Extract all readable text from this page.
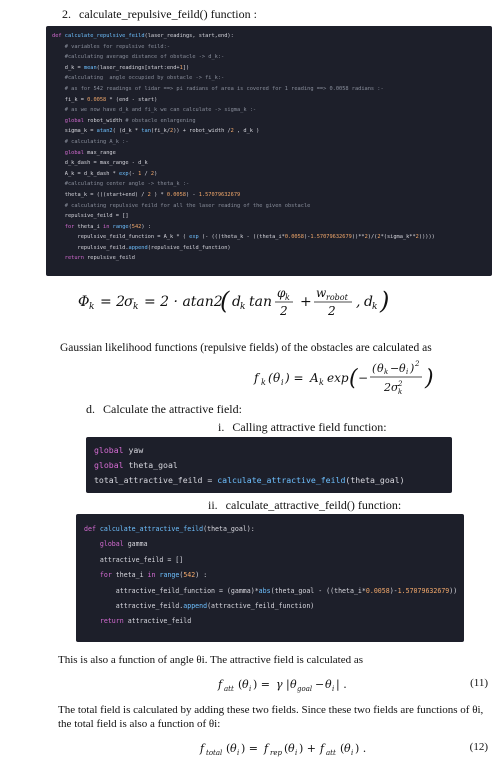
2. calculate_repulsive_feild() function :
def calculate_repulsive_feild(laser_readings, start,end):
# variables for repulsive feild:-
#calculating average distance of obstacle -> d_k:-
d_k = mean(laser_readings[start:end+1])
#calculating  angle occupied by obstacle -> fi_k:-
# as for 542 readings of lidar ==> pi radians of area is covered for 1 reading ==> 0.0058 radians :-
fi_k = 0.0058 * (end - start)
# as we now have d_k and fi_k we can calculate -> sigma_k :-
global robot_width # obstacle enlargening
sigma_k = atan2( (d_k * tan(fi_k/2)) + robot_width /2 , d_k )
# calculating A_k :-
global max_range
d_k_dash = max_range - d_k
A_k = d_k_dash * exp(- 1 / 2)
#calculating center angle -> theta_k :-
theta_k = (((start+end) / 2 ) * 0.0058) - 1.57079632679
# calculating repulsive feild for all the laser reading of the given obstacle
repulsive_feild = []
for theta_i in range(542) :
repulsive_feild_function = A_k * ( exp (- (((theta_k - ((theta_i*0.0058)-1.57079632679))**2)/(2*(sigma_k**2)))))
repulsive_feild.append(repulsive_feild_function)
return repulsive_feild
Φ k = 2
σ k = 2 · atan2
( d k tan
φ k
2
+
w robot
2
, d k )
Gaussian likelihood functions (repulsive fields) of the obstacles are calculated as
f k ( θ i ) = A k exp ( −
( θ k − θ i ) 2
2 σ k
2 )
d. Calculate the attractive field:
i. Calling attractive field function:
global yaw
global theta_goal
total_attractive_feild = calculate_attractive_feild(theta_goal)
ii. calculate_attractive_feild() function:
def calculate_attractive_feild(theta_goal):
global gamma
attractive_feild = []
for theta_i in range(542) :
attractive_feild_function = (gamma)*abs(theta_goal - ((theta_i*0.0058)-1.57079632679))
attractive_feild.append(attractive_feild_function)
return attractive_feild
This is also a function of angle θi. The attractive field is calculated as
f att ( θ i ) = γ | θ goal − θ i | .	(11)
The total field is calculated by adding these two fields. Since these two fields are functions of θi, the total field is also a function of θi:
f total ( θ i ) = f rep ( θ i ) + f att ( θ i ) .	(12)
